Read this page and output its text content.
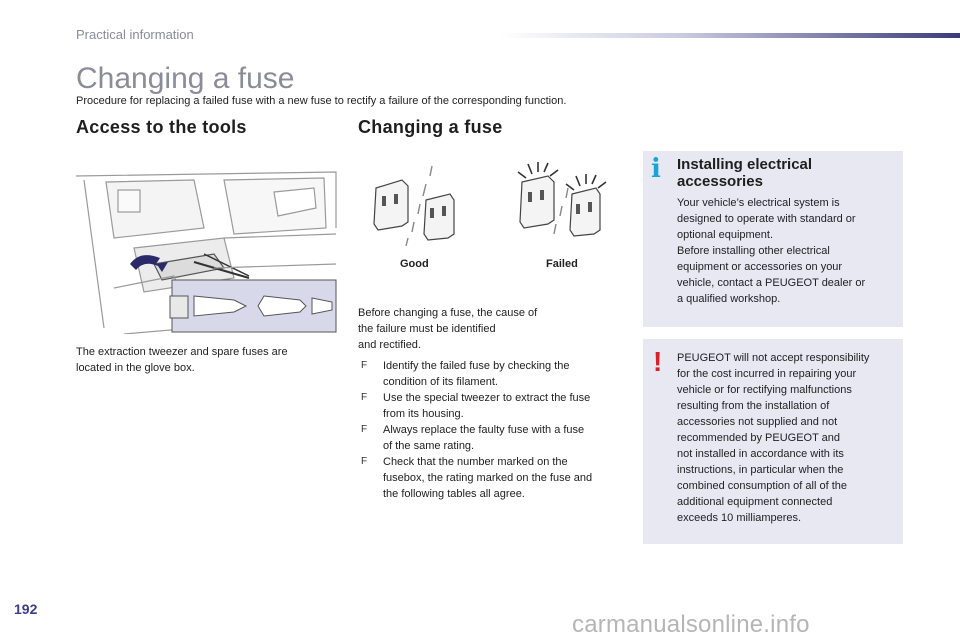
Practical information
Changing a fuse
Procedure for replacing a failed fuse with a new fuse to rectify a failure of the corresponding function.
Access to the tools
The extraction tweezer and spare fuses are
located in the glove box.
Changing a fuse
Good	Failed
Before changing a fuse, the cause of
the failure must be identified
and rectified.
F Identify the failed fuse by checking the
condition of its filament.
F Use the special tweezer to extract the fuse
from its housing.
F Always replace the faulty fuse with a fuse
of the same rating.
F Check that the number marked on the
fusebox, the rating marked on the fuse and
the following tables all agree.
i Installing electrical
accessories
Your vehicle’s electrical system is
designed to operate with standard or
optional equipment.
Before installing other electrical
equipment or accessories on your
vehicle, contact a PEUGEOT dealer or
a qualified workshop.
! PEUGEOT will not accept responsibility
for the cost incurred in repairing your
vehicle or for rectifying malfunctions
resulting from the installation of
accessories not supplied and not
recommended by PEUGEOT and
not installed in accordance with its
instructions, in particular when the
combined consumption of all of the
additional equipment connected
exceeds 10 milliamperes.
192
carmanualsonline.info
